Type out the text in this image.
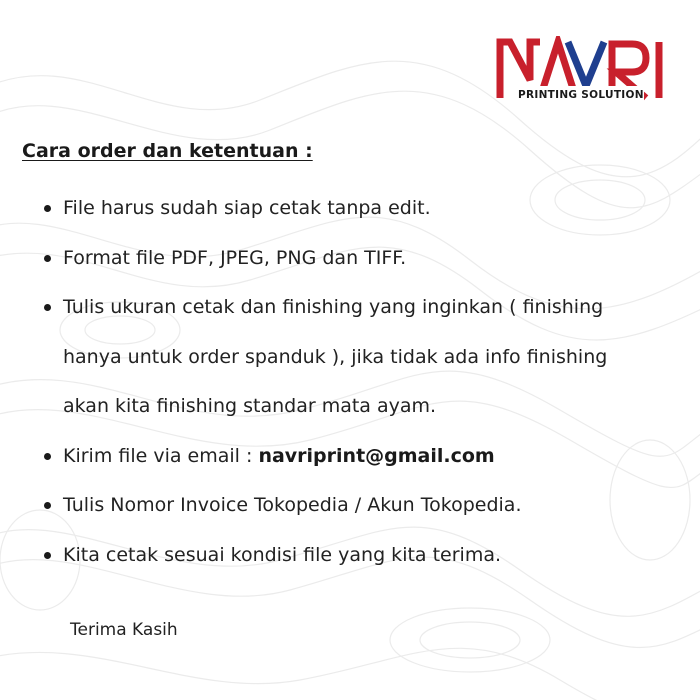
PRINTING SOLUTION
Cara order dan ketentuan :
File harus sudah siap cetak tanpa edit.
Format file PDF, JPEG, PNG dan TIFF.
Tulis ukuran cetak dan finishing yang inginkan ( finishing
hanya untuk order spanduk ), jika tidak ada info finishing
akan kita finishing standar mata ayam.
Kirim file via email : navriprint@gmail.com
Tulis Nomor Invoice Tokopedia / Akun Tokopedia.
Kita cetak sesuai kondisi file yang kita terima.
Terima Kasih
